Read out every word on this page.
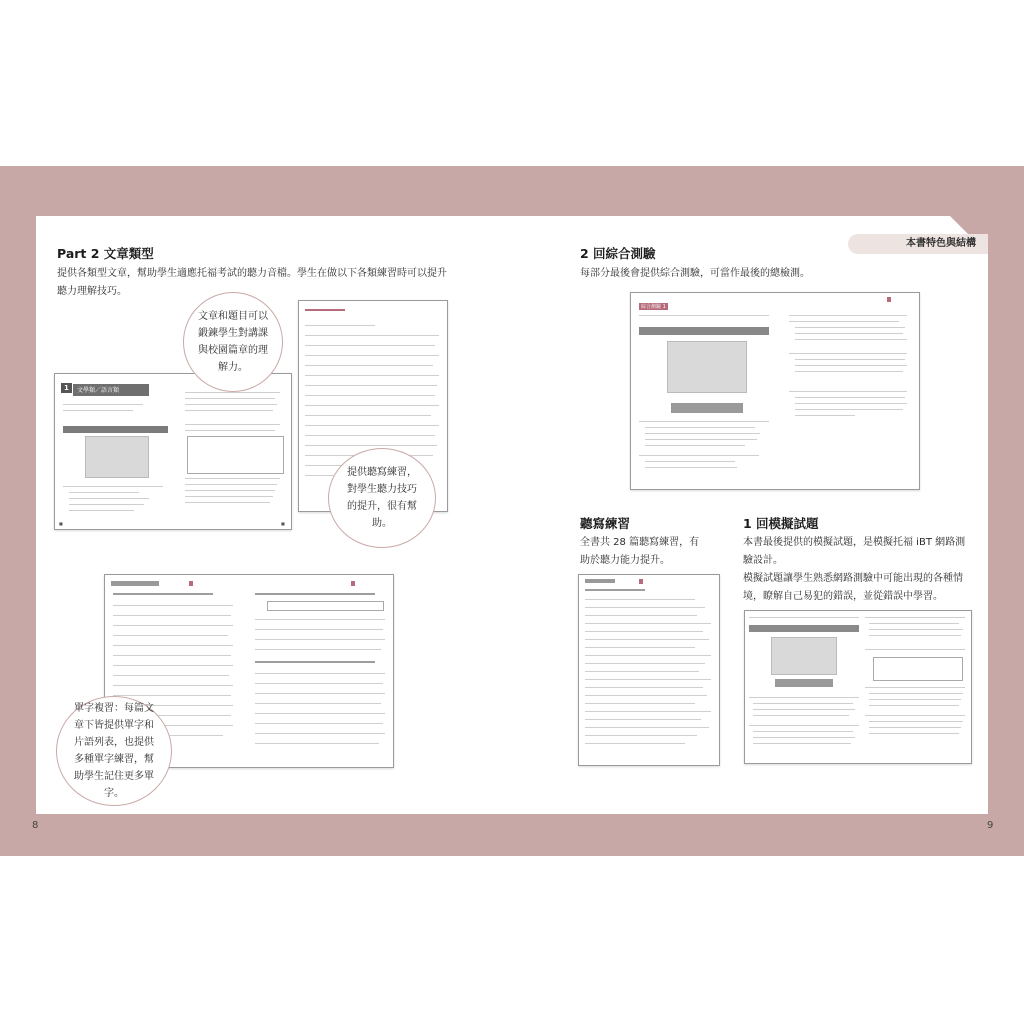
本書特色與結構
8	9
Part 2 文章類型
提供各類型文章，幫助學生適應托福考試的聽力音檔。學生在做以下各類練習時可以提升聽力理解技巧。
2 回綜合測驗
每部分最後會提供綜合測驗，可當作最後的總檢測。
聽寫練習
全書共 28 篇聽寫練習，有助於聽力能力提升。
1 回模擬試題
本書最後提供的模擬試題，是模擬托福 iBT 網路測驗設計。
模擬試題讓學生熟悉網路測驗中可能出現的各種情境，瞭解自己易犯的錯誤，並從錯誤中學習。
1	文學類／語言類
■	■
綜合測驗 1
文章和題目可以鍛鍊學生對講課與校園篇章的理解力。
提供聽寫練習，對學生聽力技巧的提升，很有幫助。
單字複習：每篇文章下皆提供單字和片語列表，也提供多種單字練習，幫助學生記住更多單字。
